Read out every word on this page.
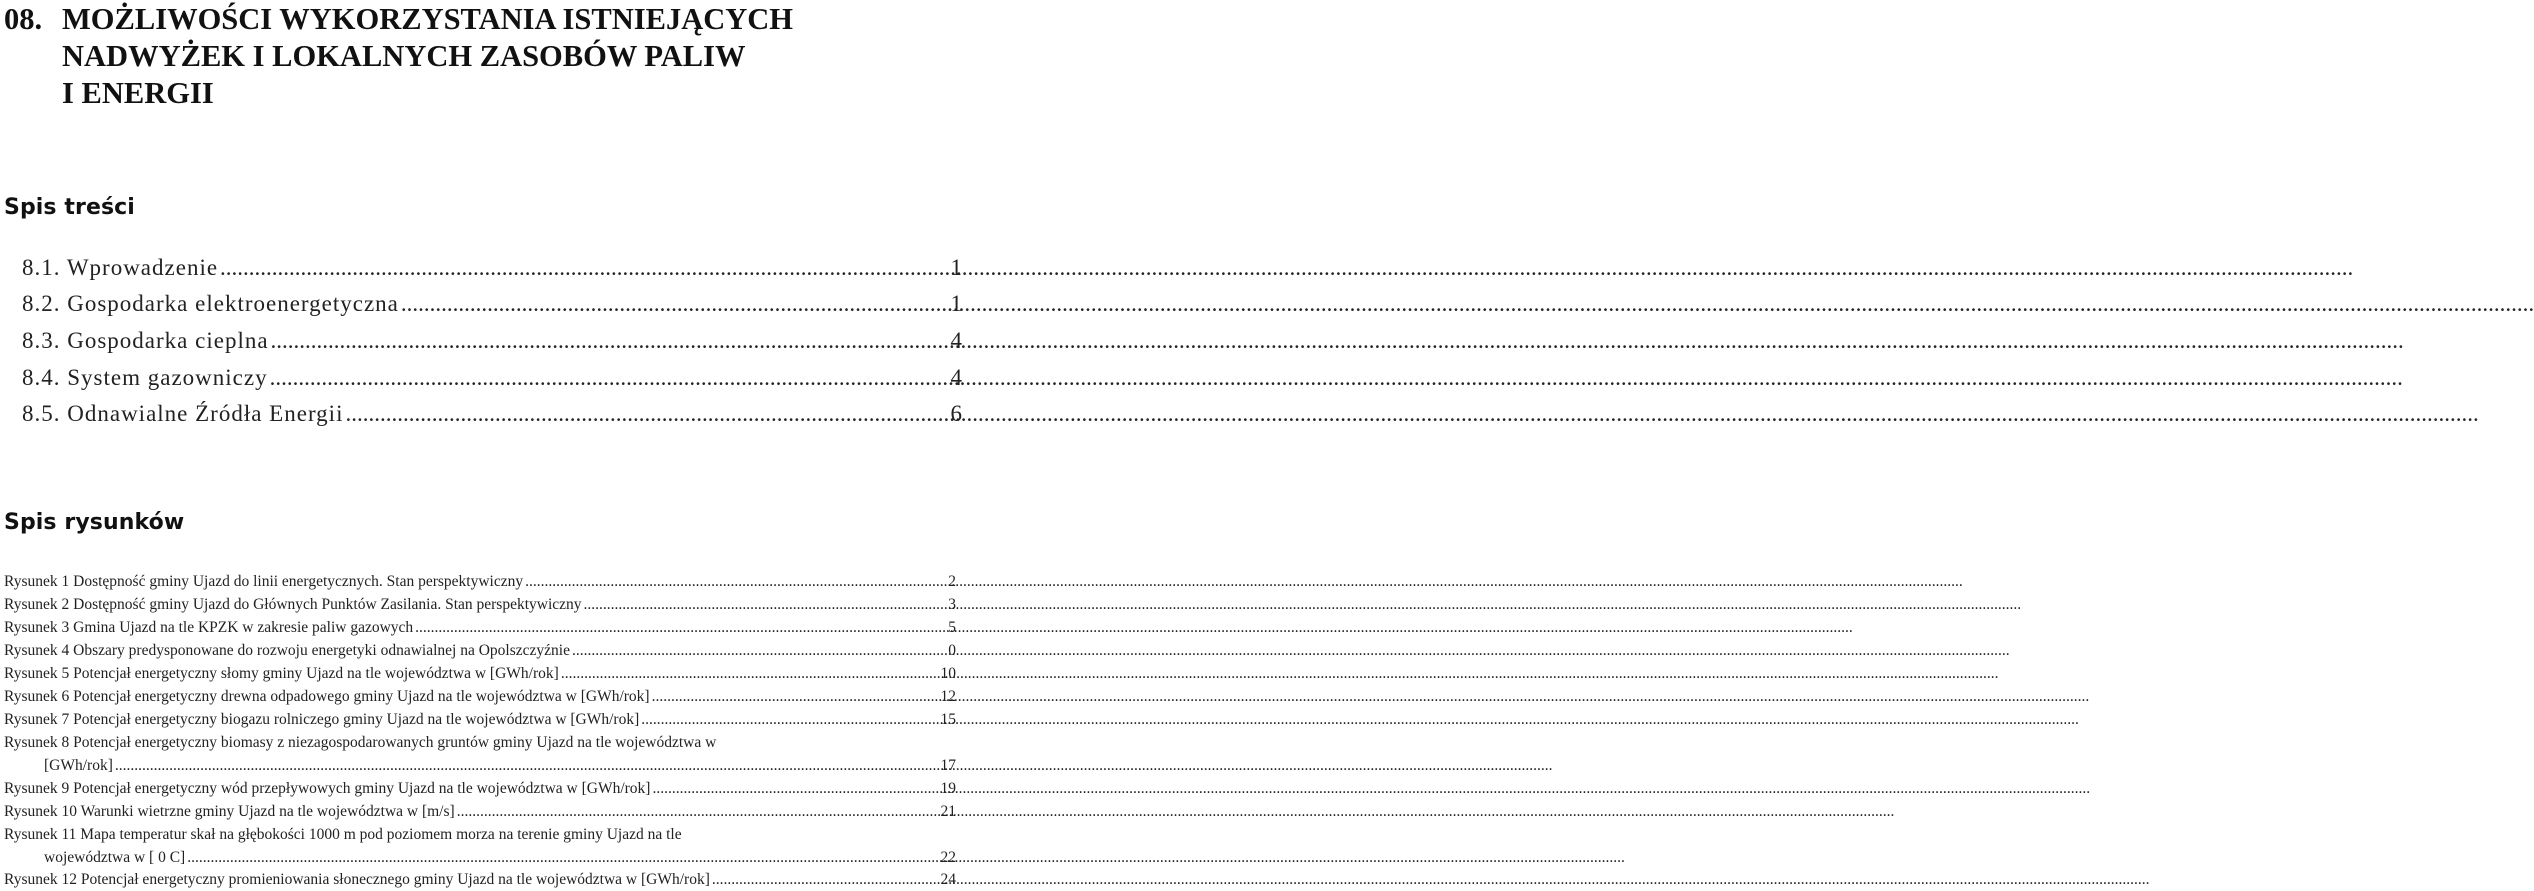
08. MOŻLIWOŚCI WYKORZYSTANIA ISTNIEJĄCYCH
NADWYŻEK I LOKALNYCH ZASOBÓW PALIW
I ENERGII
Spis treści
8.1. Wprowadzenie .....	1
8.2. Gospodarka elektroenergetyczna .....	1
8.3. Gospodarka cieplna .....	4
8.4. System gazowniczy .....	4
8.5. Odnawialne Źródła Energii .....	6
Spis rysunków
Rysunek 1 Dostępność gminy Ujazd do linii energetycznych. Stan perspektywiczny .....	2
Rysunek 2 Dostępność gminy Ujazd do Głównych Punktów Zasilania. Stan perspektywiczny .....	3
Rysunek 3 Gmina Ujazd na tle KPZK w zakresie paliw gazowych .....	5
Rysunek 4 Obszary predysponowane do rozwoju energetyki odnawialnej na Opolszczyźnie .....	0
Rysunek 5 Potencjał energetyczny słomy gminy Ujazd na tle województwa w [GWh/rok] .....	10
Rysunek 6 Potencjał energetyczny drewna odpadowego gminy Ujazd na tle województwa w [GWh/rok] .....	12
Rysunek 7 Potencjał energetyczny biogazu rolniczego gminy Ujazd na tle województwa w [GWh/rok] .....	15
Rysunek 8 Potencjał energetyczny biomasy z niezagospodarowanych gruntów gminy Ujazd na tle województwa w
[GWh/rok] .....	17
Rysunek 9 Potencjał energetyczny wód przepływowych gminy Ujazd na tle województwa w [GWh/rok] .....	19
Rysunek 10 Warunki wietrzne gminy Ujazd na tle województwa w [m/s] .....	21
Rysunek 11 Mapa temperatur skał na głębokości 1000 m pod poziomem morza na terenie gminy Ujazd na tle
województwa w [ 0 C] .....	22
Rysunek 12 Potencjał energetyczny promieniowania słonecznego gminy Ujazd na tle województwa w [GWh/rok] .....	24
